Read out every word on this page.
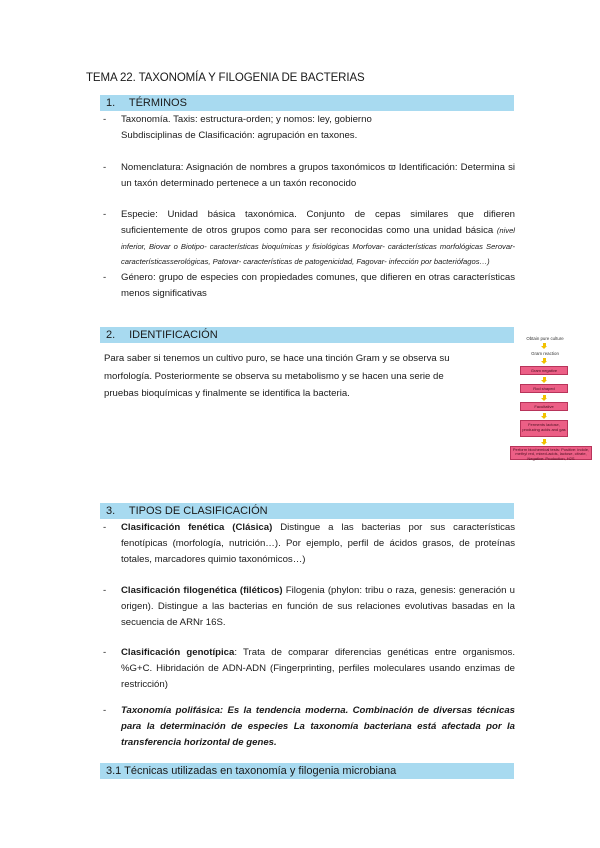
TEMA 22. TAXONOMÍA Y FILOGENIA DE BACTERIAS
1. TÉRMINOS
- Taxonomía. Taxis: estructura-orden; y nomos: ley, gobierno
Subdisciplinas de Clasificación: agrupación en taxones.
- Nomenclatura: Asignación de nombres a grupos taxonómicos ϖ Identificación: Determina si un taxón determinado pertenece a un taxón reconocido
- Especie: Unidad básica taxonómica. Conjunto de cepas similares que difieren suficientemente de otros grupos como para ser reconocidas como una unidad básica (nivel inferior, Biovar o Biotipo- características bioquímicas y fisiológicas Morfovar- carácterísticas morfológicas Serovar- característicasserológicas, Patovar- características de patogenicidad, Fagovar- infección por bacteriófagos…)
- Género: grupo de especies con propiedades comunes, que difieren en otras características menos significativas
2. IDENTIFICACIÓN
Para saber si tenemos un cultivo puro, se hace una tinción Gram y se observa su morfología. Posteriormente se observa su metabolismo y se hacen una serie de pruebas bioquímicas y finalmente se identifica la bacteria.
Obtain pure culture
Gram reaction
Gram negative
Rod shaped
Facultative
Ferments lactose, producing acids and gas
Perform biochemical tests: Positive: indole, methyl red, mixed-acids, lactose, citrate, Negative: Production, H2S
3. TIPOS DE CLASIFICACIÓN
- Clasificación fenética (Clásica) Distingue a las bacterias por sus características fenotípicas (morfología, nutrición…). Por ejemplo, perfil de ácidos grasos, de proteínas totales, marcadores quimio taxonómicos…)
- Clasificación filogenética (filéticos) Filogenia (phylon: tribu o raza, genesis: generación u origen). Distingue a las bacterias en función de sus relaciones evolutivas basadas en la secuencia de ARNr 16S.
- Clasificación genotípica: Trata de comparar diferencias genéticas entre organismos. %G+C. Hibridación de ADN-ADN (Fingerprinting, perfiles moleculares usando enzimas de restricción)
- Taxonomía polifásica: Es la tendencia moderna. Combinación de diversas técnicas para la determinación de especies La taxonomía bacteriana está afectada por la transferencia horizontal de genes.
3.1 Técnicas utilizadas en taxonomía y filogenia microbiana
